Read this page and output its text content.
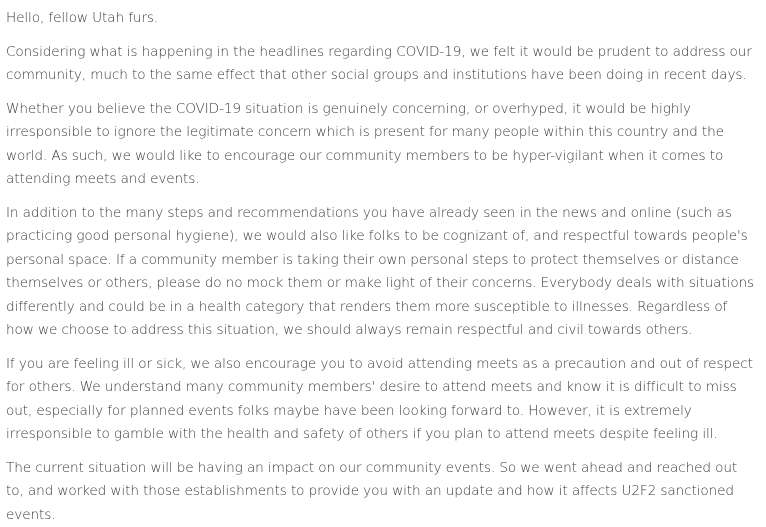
Hello, fellow Utah furs.

Considering what is happening in the headlines regarding COVID-19, we felt it would be prudent to address our community, much to the same effect that other social groups and institutions have been doing in recent days.

Whether you believe the COVID-19 situation is genuinely concerning, or overhyped, it would be highly irresponsible to ignore the legitimate concern which is present for many people within this country and the world. As such, we would like to encourage our community members to be hyper-vigilant when it comes to attending meets and events.

In addition to the many steps and recommendations you have already seen in the news and online (such as practicing good personal hygiene), we would also like folks to be cognizant of, and respectful towards people's personal space. If a community member is taking their own personal steps to protect themselves or distance themselves or others, please do no mock them or make light of their concerns. Everybody deals with situations differently and could be in a health category that renders them more susceptible to illnesses. Regardless of how we choose to address this situation, we should always remain respectful and civil towards others.

If you are feeling ill or sick, we also encourage you to avoid attending meets as a precaution and out of respect for others. We understand many community members' desire to attend meets and know it is difficult to miss out, especially for planned events folks maybe have been looking forward to. However, it is extremely irresponsible to gamble with the health and safety of others if you plan to attend meets despite feeling ill.

The current situation will be having an impact on our community events. So we went ahead and reached out to, and worked with those establishments to provide you with an update and how it affects U2F2 sanctioned events.
